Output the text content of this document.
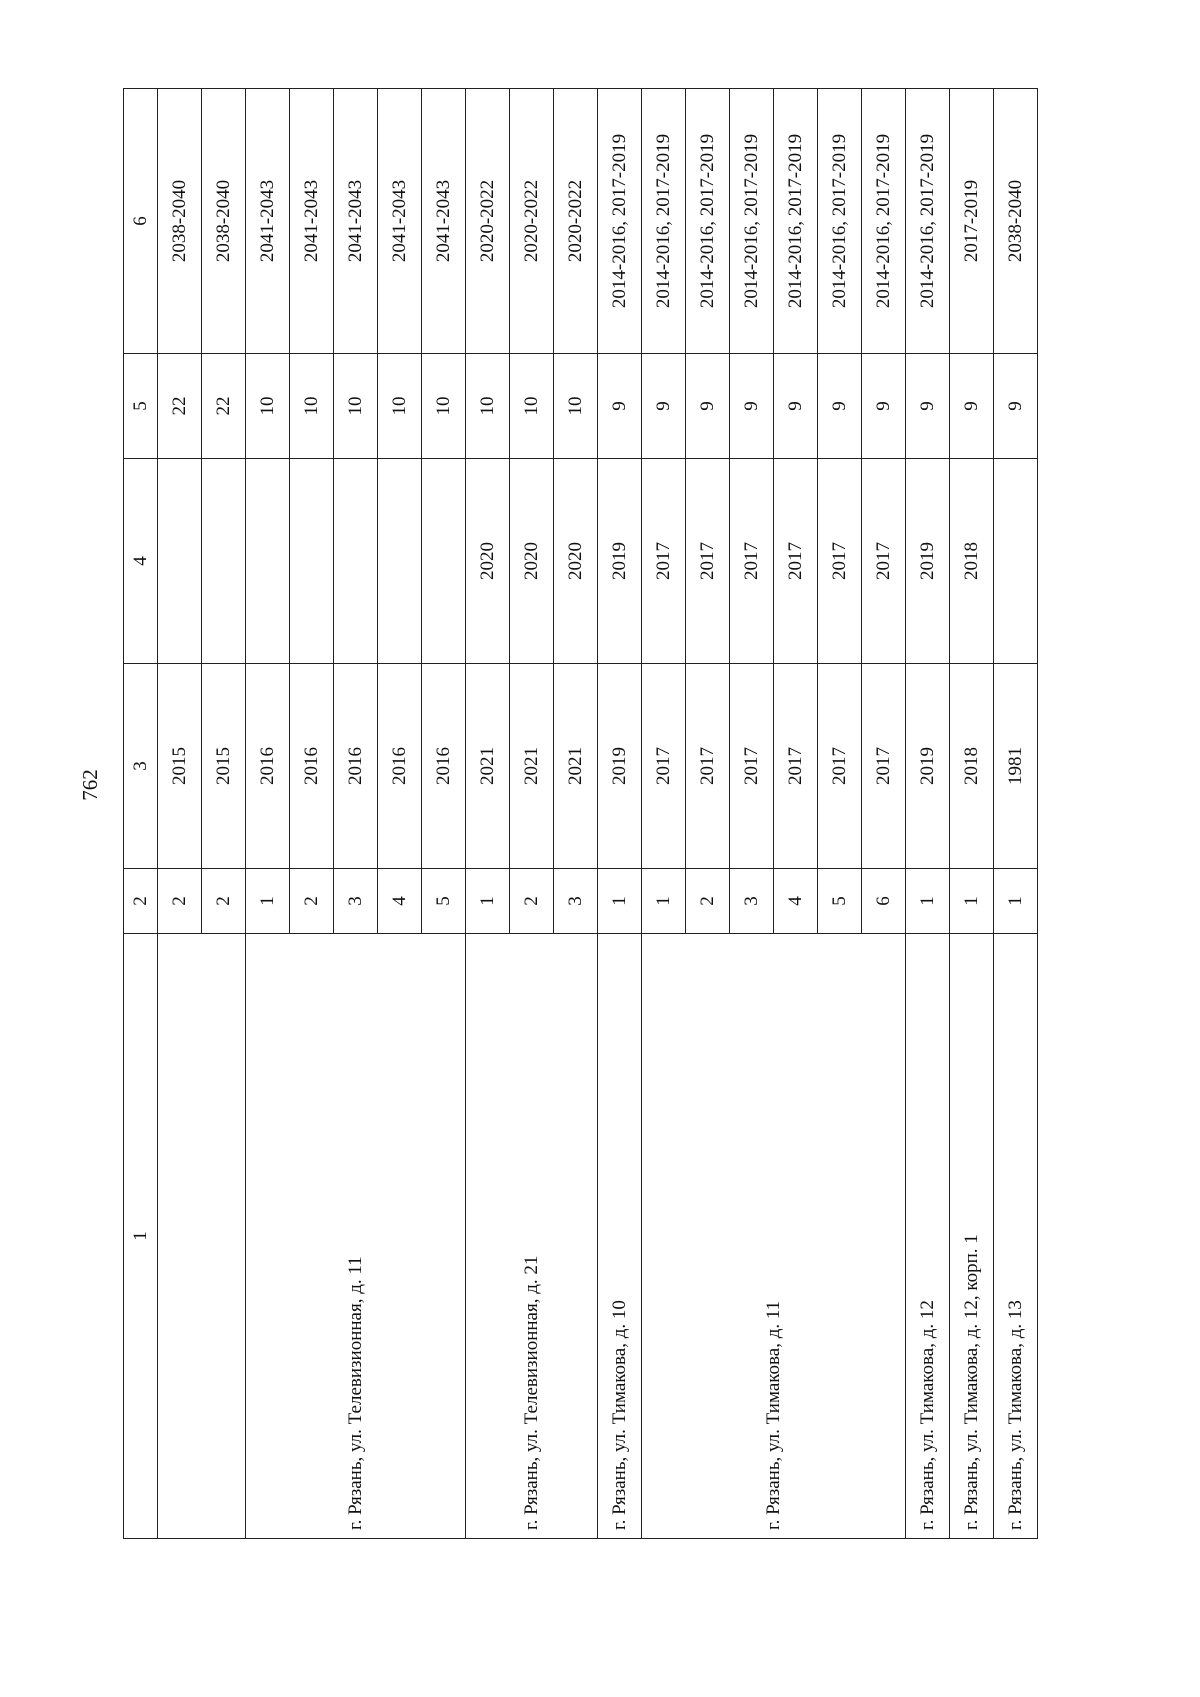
762
1	2	3	4	5	6
	2	2015		22	2038-2040
	2	2015		22	2038-2040
г. Рязань, ул. Телевизионная, д. 11	1	2016		10	2041-2043
	2	2016		10	2041-2043
	3	2016		10	2041-2043
	4	2016		10	2041-2043
	5	2016		10	2041-2043
г. Рязань, ул. Телевизионная, д. 21	1	2021	2020	10	2020-2022
	2	2021	2020	10	2020-2022
	3	2021	2020	10	2020-2022
г. Рязань, ул. Тимакова, д. 10	1	2019	2019	9	2014-2016, 2017-2019
г. Рязань, ул. Тимакова, д. 11	1	2017	2017	9	2014-2016, 2017-2019
	2	2017	2017	9	2014-2016, 2017-2019
	3	2017	2017	9	2014-2016, 2017-2019
	4	2017	2017	9	2014-2016, 2017-2019
	5	2017	2017	9	2014-2016, 2017-2019
	6	2017	2017	9	2014-2016, 2017-2019
г. Рязань, ул. Тимакова, д. 12	1	2019	2019	9	2014-2016, 2017-2019
г. Рязань, ул. Тимакова, д. 12, корп. 1	1	2018	2018	9	2017-2019
г. Рязань, ул. Тимакова, д. 13	1	1981		9	2038-2040
